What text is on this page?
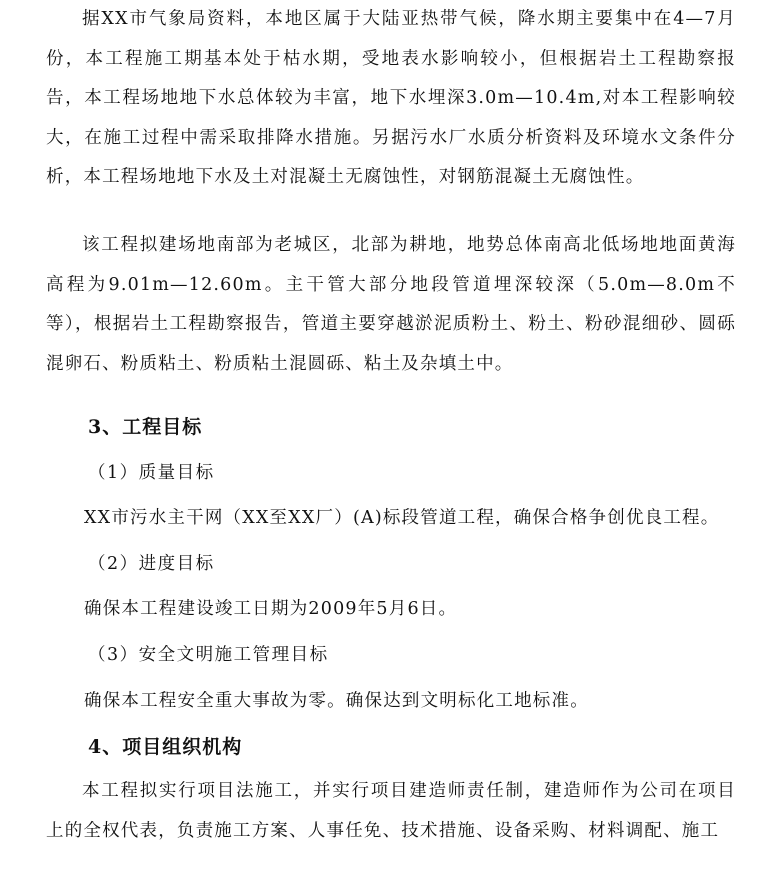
据XX市气象局资料，本地区属于大陆亚热带气候，降水期主要集中在4—7月份，本工程施工期基本处于枯水期，受地表水影响较小，但根据岩土工程勘察报告，本工程场地地下水总体较为丰富，地下水埋深3.0m—10.4m,对本工程影响较大，在施工过程中需采取排降水措施。另据污水厂水质分析资料及环境水文条件分析，本工程场地地下水及土对混凝土无腐蚀性，对钢筋混凝土无腐蚀性。

该工程拟建场地南部为老城区，北部为耕地，地势总体南高北低场地地面黄海高程为9.01m—12.60m。主干管大部分地段管道埋深较深（5.0m—8.0m不等），根据岩土工程勘察报告，管道主要穿越淤泥质粉土、粉土、粉砂混细砂、圆砾混卵石、粉质粘土、粉质粘土混圆砾、粘土及杂填土中。

3、工程目标

（1）质量目标

XX市污水主干网（XX至XX厂）(A)标段管道工程，确保合格争创优良工程。

（2）进度目标

确保本工程建设竣工日期为2009年5月6日。

（3）安全文明施工管理目标

确保本工程安全重大事故为零。确保达到文明标化工地标准。

4、项目组织机构

本工程拟实行项目法施工，并实行项目建造师责任制，建造师作为公司在项目上的全权代表，负责施工方案、人事任免、技术措施、设备采购、材料调配、施工
